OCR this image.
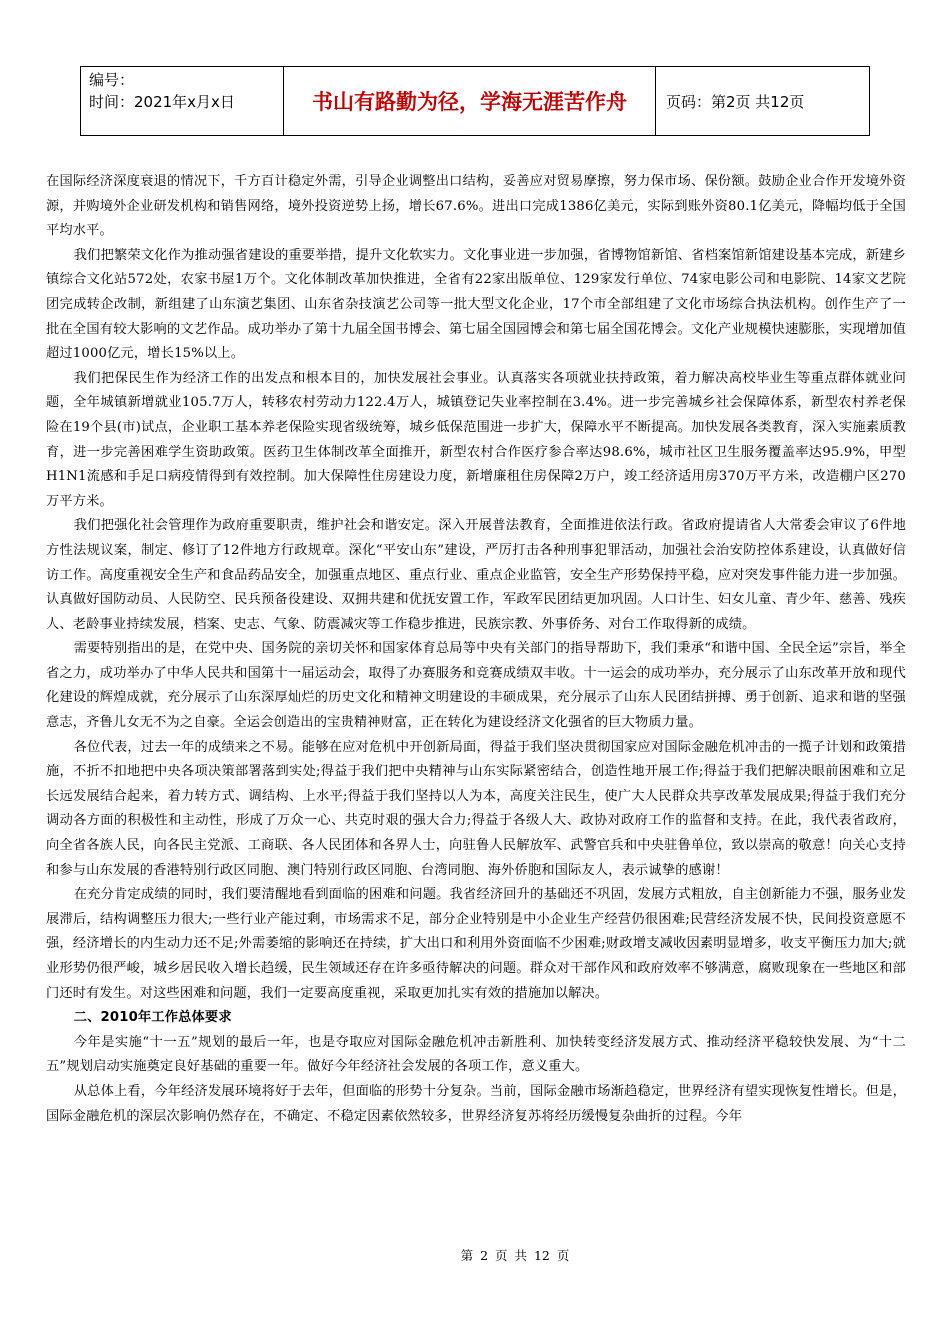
编号：
时间：2021年x月x日	书山有路勤为径，学海无涯苦作舟	页码：第2页 共12页

在国际经济深度衰退的情况下，千方百计稳定外需，引导企业调整出口结构，妥善应对贸易摩擦，努力保市场、保份额。鼓励企业合作开发境外资源，并购境外企业研发机构和销售网络，境外投资逆势上扬，增长67.6%。进出口完成1386亿美元，实际到账外资80.1亿美元，降幅均低于全国平均水平。

我们把繁荣文化作为推动强省建设的重要举措，提升文化软实力。文化事业进一步加强，省博物馆新馆、省档案馆新馆建设基本完成，新建乡镇综合文化站572处，农家书屋1万个。文化体制改革加快推进，全省有22家出版单位、129家发行单位、74家电影公司和电影院、14家文艺院团完成转企改制，新组建了山东演艺集团、山东省杂技演艺公司等一批大型文化企业，17个市全部组建了文化市场综合执法机构。创作生产了一批在全国有较大影响的文艺作品。成功举办了第十九届全国书博会、第七届全国园博会和第七届全国花博会。文化产业规模快速膨胀，实现增加值超过1000亿元，增长15%以上。

我们把保民生作为经济工作的出发点和根本目的，加快发展社会事业。认真落实各项就业扶持政策，着力解决高校毕业生等重点群体就业问题，全年城镇新增就业105.7万人，转移农村劳动力122.4万人，城镇登记失业率控制在3.4%。进一步完善城乡社会保障体系，新型农村养老保险在19个县(市)试点，企业职工基本养老保险实现省级统筹，城乡低保范围进一步扩大，保障水平不断提高。加快发展各类教育，深入实施素质教育，进一步完善困难学生资助政策。医药卫生体制改革全面推开，新型农村合作医疗参合率达98.6%，城市社区卫生服务覆盖率达95.9%，甲型H1N1流感和手足口病疫情得到有效控制。加大保障性住房建设力度，新增廉租住房保障2万户，竣工经济适用房370万平方米，改造棚户区270万平方米。

我们把强化社会管理作为政府重要职责，维护社会和谐安定。深入开展普法教育，全面推进依法行政。省政府提请省人大常委会审议了6件地方性法规议案，制定、修订了12件地方行政规章。深化“平安山东”建设，严厉打击各种刑事犯罪活动，加强社会治安防控体系建设，认真做好信访工作。高度重视安全生产和食品药品安全，加强重点地区、重点行业、重点企业监管，安全生产形势保持平稳，应对突发事件能力进一步加强。认真做好国防动员、人民防空、民兵预备役建设、双拥共建和优抚安置工作，军政军民团结更加巩固。人口计生、妇女儿童、青少年、慈善、残疾人、老龄事业持续发展，档案、史志、气象、防震减灾等工作稳步推进，民族宗教、外事侨务、对台工作取得新的成绩。

需要特别指出的是，在党中央、国务院的亲切关怀和国家体育总局等中央有关部门的指导帮助下，我们秉承“和谐中国、全民全运”宗旨，举全省之力，成功举办了中华人民共和国第十一届运动会，取得了办赛服务和竞赛成绩双丰收。十一运会的成功举办，充分展示了山东改革开放和现代化建设的辉煌成就，充分展示了山东深厚灿烂的历史文化和精神文明建设的丰硕成果，充分展示了山东人民团结拼搏、勇于创新、追求和谐的坚强意志，齐鲁儿女无不为之自豪。全运会创造出的宝贵精神财富，正在转化为建设经济文化强省的巨大物质力量。

各位代表，过去一年的成绩来之不易。能够在应对危机中开创新局面，得益于我们坚决贯彻国家应对国际金融危机冲击的一揽子计划和政策措施，不折不扣地把中央各项决策部署落到实处;得益于我们把中央精神与山东实际紧密结合，创造性地开展工作;得益于我们把解决眼前困难和立足长远发展结合起来，着力转方式、调结构、上水平;得益于我们坚持以人为本，高度关注民生，使广大人民群众共享改革发展成果;得益于我们充分调动各方面的积极性和主动性，形成了万众一心、共克时艰的强大合力;得益于各级人大、政协对政府工作的监督和支持。在此，我代表省政府，向全省各族人民，向各民主党派、工商联、各人民团体和各界人士，向驻鲁人民解放军、武警官兵和中央驻鲁单位，致以崇高的敬意！向关心支持和参与山东发展的香港特别行政区同胞、澳门特别行政区同胞、台湾同胞、海外侨胞和国际友人，表示诚挚的感谢！

在充分肯定成绩的同时，我们要清醒地看到面临的困难和问题。我省经济回升的基础还不巩固，发展方式粗放，自主创新能力不强，服务业发展滞后，结构调整压力很大;一些行业产能过剩，市场需求不足，部分企业特别是中小企业生产经营仍很困难;民营经济发展不快，民间投资意愿不强，经济增长的内生动力还不足;外需萎缩的影响还在持续，扩大出口和利用外资面临不少困难;财政增支减收因素明显增多，收支平衡压力加大;就业形势仍很严峻，城乡居民收入增长趋缓，民生领域还存在许多亟待解决的问题。群众对干部作风和政府效率不够满意，腐败现象在一些地区和部门还时有发生。对这些困难和问题，我们一定要高度重视，采取更加扎实有效的措施加以解决。

二、2010年工作总体要求

今年是实施“十一五”规划的最后一年，也是夺取应对国际金融危机冲击新胜利、加快转变经济发展方式、推动经济平稳较快发展、为“十二五”规划启动实施奠定良好基础的重要一年。做好今年经济社会发展的各项工作，意义重大。

从总体上看，今年经济发展环境将好于去年，但面临的形势十分复杂。当前，国际金融市场渐趋稳定，世界经济有望实现恢复性增长。但是，国际金融危机的深层次影响仍然存在，不确定、不稳定因素依然较多，世界经济复苏将经历缓慢复杂曲折的过程。今年

第 2 页 共 12 页
